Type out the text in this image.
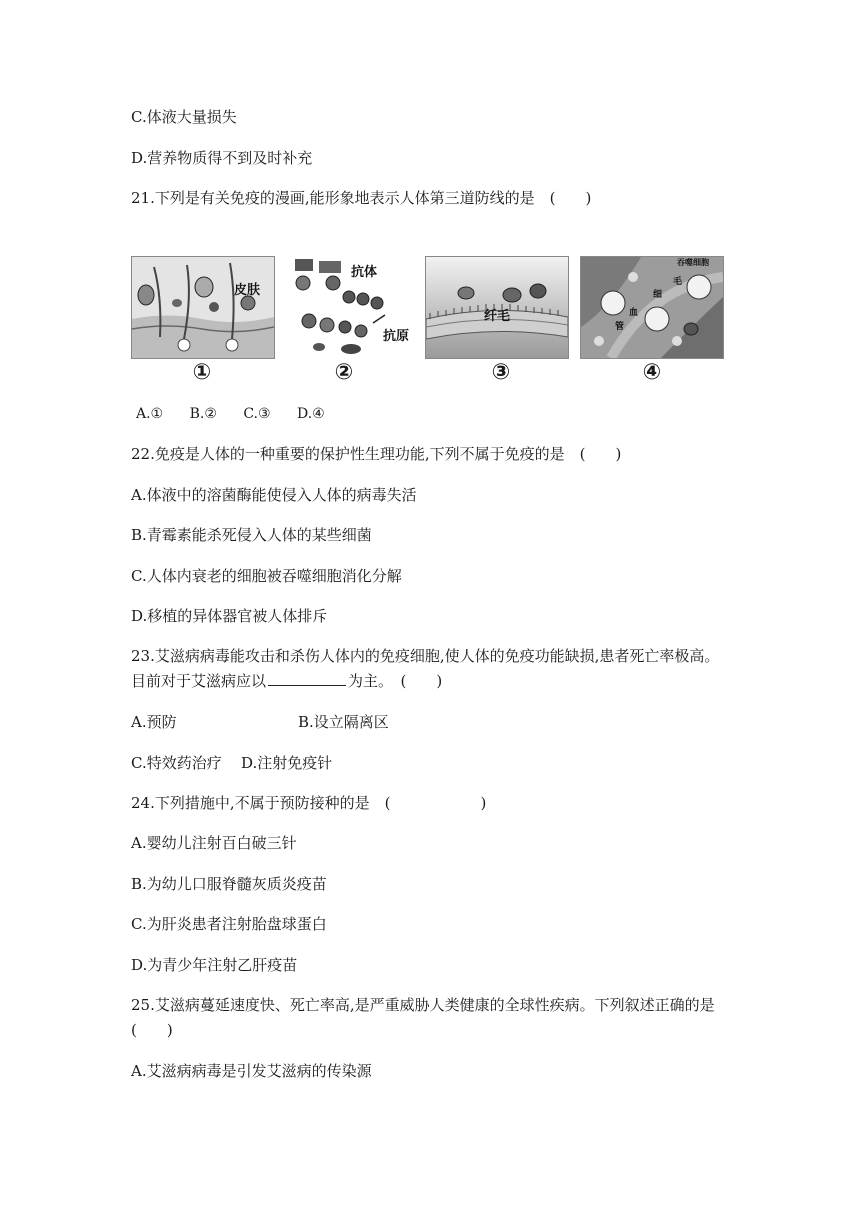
C.体液大量损失
D.营养物质得不到及时补充
21.下列是有关免疫的漫画,能形象地表示人体第三道防线的是　(　　)
皮肤
①
抗体
抗原
②
纤毛
③
吞噬细胞
毛
细
血
管
④
A.① B.② C.③ D.④
22.免疫是人体的一种重要的保护性生理功能,下列不属于免疫的是　(　　)
A.体液中的溶菌酶能使侵入人体的病毒失活
B.青霉素能杀死侵入人体的某些细菌
C.人体内衰老的细胞被吞噬细胞消化分解
D.移植的异体器官被人体排斥
23.艾滋病病毒能攻击和杀伤人体内的免疫细胞,使人体的免疫功能缺损,患者死亡率极高。
目前对于艾滋病应以	为主。　(　　)
A.预防	B.设立隔离区
C.特效药治疗 D.注射免疫针
24.下列措施中,不属于预防接种的是　(　　　　　　)
A.婴幼儿注射百白破三针
B.为幼儿口服脊髓灰质炎疫苗
C.为肝炎患者注射胎盘球蛋白
D.为青少年注射乙肝疫苗
25.艾滋病蔓延速度快、死亡率高,是严重威胁人类健康的全球性疾病。下列叙述正确的是
(　　)
A.艾滋病病毒是引发艾滋病的传染源
